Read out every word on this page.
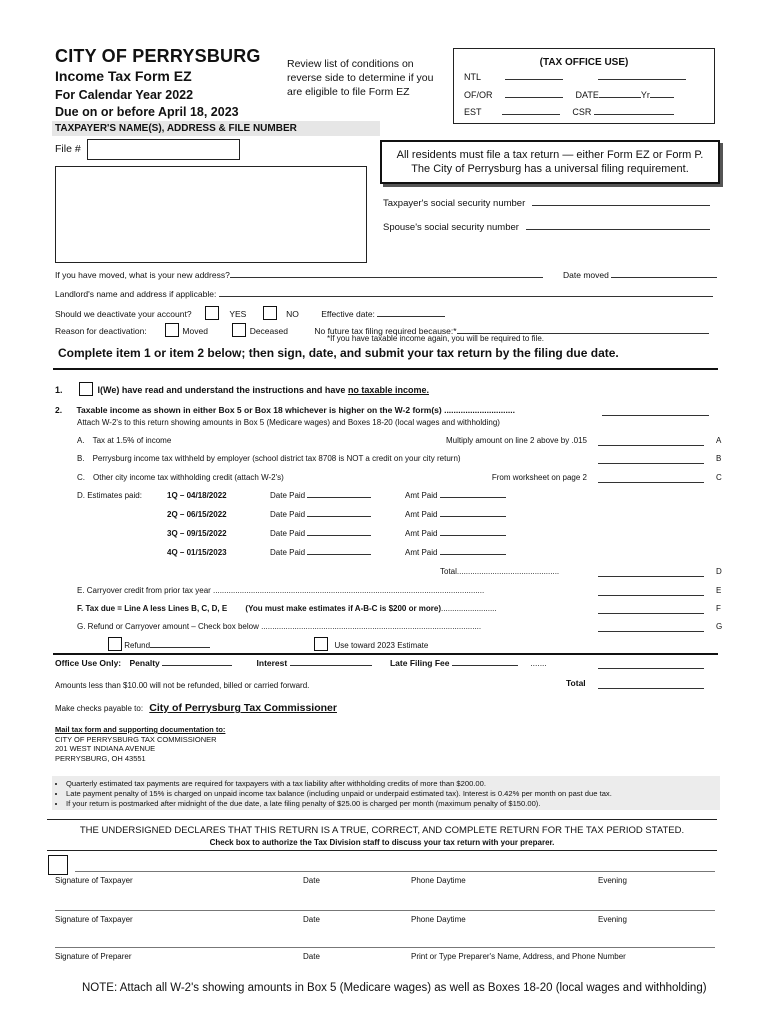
CITY OF PERRYSBURG
Income Tax Form EZ
For Calendar Year 2022
Due on or before April 18, 2023
Review list of conditions on reverse side to determine if you are eligible to file Form EZ
(TAX OFFICE USE)
NTL
OF/OR	DATE	Yr
EST	CSR
TAXPAYER'S NAME(S), ADDRESS & FILE NUMBER
File #	All residents must file a tax return — either Form EZ or Form P. The City of Perrysburg has a universal filing requirement.
Taxpayer's social security number
Spouse's social security number
If you have moved, what is your new address?	Date moved
Landlord's name and address if applicable:
Should we deactivate your account?	YES	NO	Effective date:
Reason for deactivation:	Moved	Deceased	No future tax filing required because:*
*If you have taxable income again, you will be required to file.
Complete item 1 or item 2 below; then sign, date, and submit your tax return by the filing due date.
1.	I(We) have read and understand the instructions and have no taxable income.
2. Taxable income as shown in either Box 5 or Box 18 whichever is higher on the W-2 form(s) ..............................
Attach W-2's to this return showing amounts in Box 5 (Medicare wages) and Boxes 18-20 (local wages and withholding)
A. Tax at 1.5% of income	Multiply amount on line 2 above by .015	A
B. Perrysburg income tax withheld by employer (school district tax 8708 is NOT a credit on your city return)	B
C. Other city income tax withholding credit (attach W-2's)	From worksheet on page 2	C
D. Estimates paid:	1Q – 04/18/2022	Date Paid	Amt Paid
2Q – 06/15/2022	Date Paid	Amt Paid
3Q – 09/15/2022	Date Paid	Amt Paid
4Q – 01/15/2023	Date Paid	Amt Paid
Total..............................................	D
E. Carryover credit from prior tax year ..........................................................................................................................	E
F. Tax due = Line A less Lines B, C, D, E (You must make estimates if A-B-C is $200 or more).........................	F
G. Refund or Carryover amount – Check box below ...................................................................................................	G
Refund	Use toward 2023 Estimate
Office Use Only: Penalty	Interest	Late Filing Fee	.......
Amounts less than $10.00 will not be refunded, billed or carried forward.	Total
Make checks payable to: City of Perrysburg Tax Commissioner
Mail tax form and supporting documentation to:
CITY OF PERRYSBURG TAX COMMISSIONER
201 WEST INDIANA AVENUE
PERRYSBURG, OH 43551
• Quarterly estimated tax payments are required for taxpayers with a tax liability after withholding credits of more than $200.00.
• Late payment penalty of 15% is charged on unpaid income tax balance (including unpaid or underpaid estimated tax). Interest is 0.42% per month on past due tax.
• If your return is postmarked after midnight of the due date, a late filing penalty of $25.00 is charged per month (maximum penalty of $150.00).
THE UNDERSIGNED DECLARES THAT THIS RETURN IS A TRUE, CORRECT, AND COMPLETE RETURN FOR THE TAX PERIOD STATED.
Check box to authorize the Tax Division staff to discuss your tax return with your preparer.
Signature of Taxpayer	Date	Phone Daytime	Evening
Signature of Taxpayer	Date	Phone Daytime	Evening
Signature of Preparer	Date	Print or Type Preparer's Name, Address, and Phone Number
NOTE: Attach all W-2's showing amounts in Box 5 (Medicare wages) as well as Boxes 18-20 (local wages and withholding)
